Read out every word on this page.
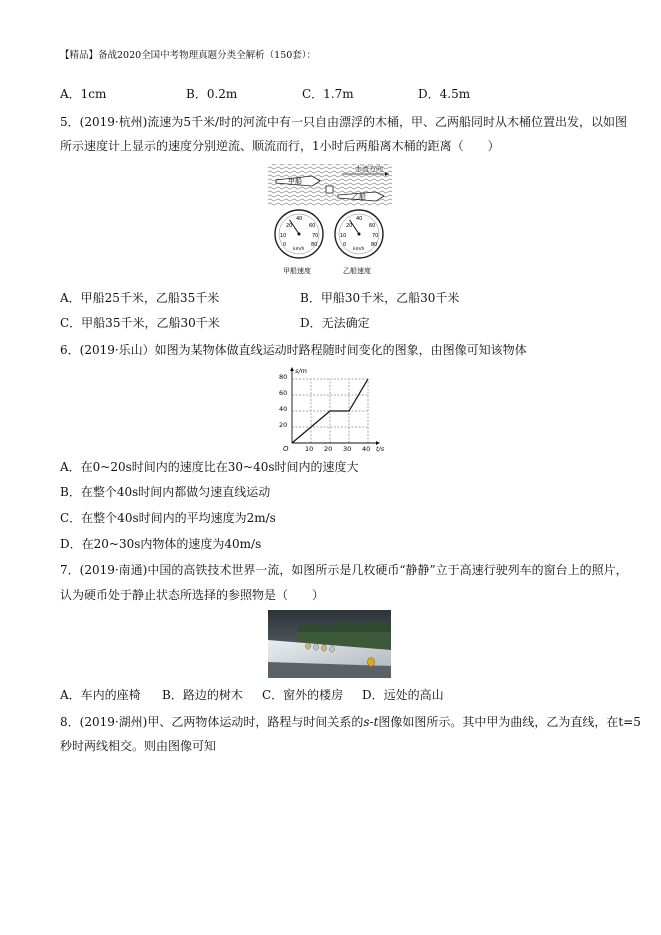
【精品】备战2020全国中考物理真题分类全解析（150套）：
A．1cm	B．0.2m	C．1.7m	D．4.5m
5．(2019·杭州)流速为5千米/时的河流中有一只自由漂浮的木桶，甲、乙两船同时从木桶位置出发，以如图
所示速度计上显示的速度分别逆流、顺流而行，1小时后两船离木桶的距离（　　）
水流方向
甲船
乙船
20
40
60
10	70
0	80
km/h
甲船速度
20
40
60
10	70
0	80
km/h
乙船速度
A．甲船25千米，乙船35千米	B．甲船30千米，乙船30千米
C．甲船35千米，乙船30千米	D．无法确定
6．(2019·乐山）如图为某物体做直线运动时路程随时间变化的图象，由图像可知该物体
s/m
t/s
O	10 20 30 40
20
40
60
80
A．在0~20s时间内的速度比在30~40s时间内的速度大
B．在整个40s时间内都做匀速直线运动
C．在整个40s时间内的平均速度为2m/s
D．在20~30s内物体的速度为40m/s
7．(2019·南通)中国的高铁技术世界一流，如图所示是几枚硬币“静静”立于高速行驶列车的窗台上的照片，
认为硬币处于静止状态所选择的参照物是（　　）
A．车内的座椅 B．路边的树木 C．窗外的楼房 D．远处的高山
8．(2019·湖州)甲、乙两物体运动时，路程与时间关系的s-t图像如图所示。其中甲为曲线，乙为直线，在t=5
秒时两线相交。则由图像可知
